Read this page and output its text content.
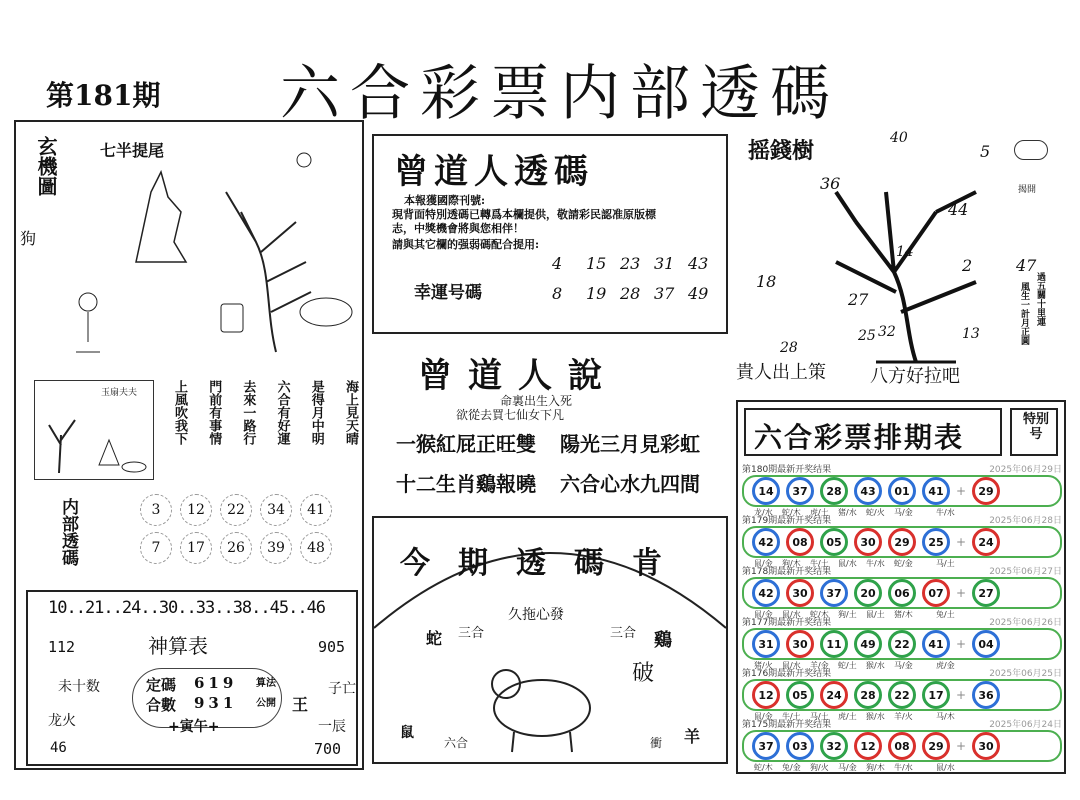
第181期 六合彩票内部透碼
玄機圖	七半提尾
狗
玉扇夫夫	上風吹我下 門前有事情 去來一路行 六合有好運 是得月中明 海上見天晴
内部透碼	3	12	22	34	41
7	17	26	39	48
10..21..24..30..33..38..45..46
神算表
112	905
未十数
龙火
46
子亡
一辰
700
定碼 619
合數 931
算法
公開 王
+寅午+
曾道人透碼
本報獲國際刊號:
現背面特別透碼已轉爲本欄提供，敬請彩民認准原版標
志，中獎機會將與您相伴！
請與其它欄的强弱碼配合提用:
幸運号碼
4	15 23 31 43
8	19 28 37 49
曾道人說
命裏出生入死
欲從去買七仙女下凡
一猴紅屁正旺雙 陽光三月見彩虹
十二生肖鷄報曉 六合心水九四間
今期透碼肯
久拖心發
蛇 三合	三合 鷄
破
鼠
六合	衝 羊
摇錢樹
揭開
40
5
36
44
14
2
18
47
27
28
32
25	13
過五關十里連
風生一計月正圓
貴人出上策 八方好拉吧
六合彩票排期表
特别号
第180期最新开奖结果	2025年06月29日
14	37	28	43	01	41	+	29
龙/水	蛇/木	虎/土	猪/水	蛇/火	马/金	牛/水
第179期最新开奖结果	2025年06月28日
42	08	05	30	29	25	+	24
鼠/金	狗/木	牛/土	鼠/水	牛/水	蛇/金	马/土
第178期最新开奖结果	2025年06月27日
42	30	37	20	06	07	+	27
鼠/金	鼠/水	蛇/木	狗/土	鼠/土	猪/木	兔/土
第177期最新开奖结果	2025年06月26日
31	30	11	49	22	41	+	04
猪/火	鼠/水	羊/金	蛇/土	猴/水	马/金	虎/金
第176期最新开奖结果	2025年06月25日
12	05	24	28	22	17	+	36
鼠/金	牛/土	马/土	虎/土	猴/水	羊/火	马/木
第175期最新开奖结果	2025年06月24日
37	03	32	12	08	29	+	30
蛇/木	兔/金	狗/火	马/金	狗/木	牛/水	鼠/水
